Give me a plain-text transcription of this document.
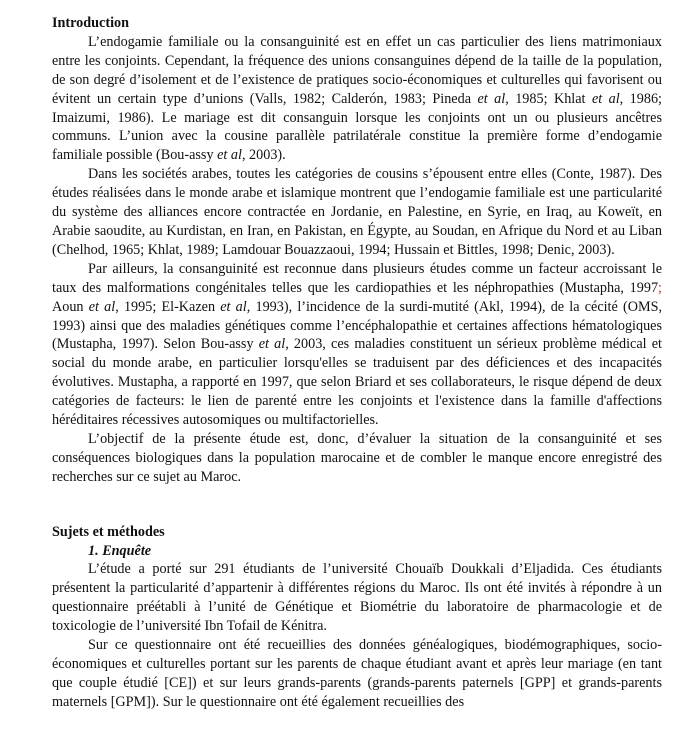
Introduction

L’endogamie familiale ou la consanguinité est en effet un cas particulier des liens matrimoniaux entre les conjoints. Cependant, la fréquence des unions consanguines dépend de la taille de la population, de son degré d’isolement et de l’existence de pratiques socio-économiques et culturelles qui favorisent ou évitent un certain type d’unions (Valls, 1982; Calderón, 1983; Pineda et al, 1985; Khlat et al, 1986; Imaizumi, 1986). Le mariage est dit consanguin lorsque les conjoints ont un ou plusieurs ancêtres communs. L’union avec la cousine parallèle patrilatérale constitue la première forme d’endogamie familiale possible (Bou-assy et al, 2003).

Dans les sociétés arabes, toutes les catégories de cousins s’épousent entre elles (Conte, 1987). Des études réalisées dans le monde arabe et islamique montrent que l’endogamie familiale est une particularité du système des alliances encore contractée en Jordanie, en Palestine, en Syrie, en Iraq, au Koweït, en Arabie saoudite, au Kurdistan, en Iran, en Pakistan, en Égypte, au Soudan, en Afrique du Nord et au Liban (Chelhod, 1965; Khlat, 1989; Lamdouar Bouazzaoui, 1994; Hussain et Bittles, 1998; Denic, 2003).

Par ailleurs, la consanguinité est reconnue dans plusieurs études comme un facteur accroissant le taux des malformations congénitales telles que les cardiopathies et les néphropathies (Mustapha, 1997; Aoun et al, 1995; El-Kazen et al, 1993), l’incidence de la surdi-mutité (Akl, 1994), de la cécité (OMS, 1993) ainsi que des maladies génétiques comme l’encéphalopathie et certaines affections hématologiques (Mustapha, 1997). Selon Bou-assy et al, 2003, ces maladies constituent un sérieux problème médical et social du monde arabe, en particulier lorsqu'elles se traduisent par des déficiences et des incapacités évolutives. Mustapha, a rapporté en 1997, que selon Briard et ses collaborateurs, le risque dépend de deux catégories de facteurs: le lien de parenté entre les conjoints et l'existence dans la famille d'affections héréditaires récessives autosomiques ou multifactorielles.

L’objectif de la présente étude est, donc, d’évaluer la situation de la consanguinité et ses conséquences biologiques dans la population marocaine et de combler le manque encore enregistré des recherches sur ce sujet au Maroc.

Sujets et méthodes
1. Enquête

L’étude a porté sur 291 étudiants de l’université Chouaïb Doukkali d’Eljadida. Ces étudiants présentent la particularité d’appartenir à différentes régions du Maroc. Ils ont été invités à répondre à un questionnaire préétabli à l’unité de Génétique et Biométrie du laboratoire de pharmacologie et de toxicologie de l’université Ibn Tofail de Kénitra.

Sur ce questionnaire ont été recueillies des données généalogiques, biodémographiques, socio-économiques et culturelles portant sur les parents de chaque étudiant avant et après leur mariage (en tant que couple étudié [CE]) et sur leurs grands-parents (grands-parents paternels [GPP] et grands-parents maternels [GPM]). Sur le questionnaire ont été également recueillies des
